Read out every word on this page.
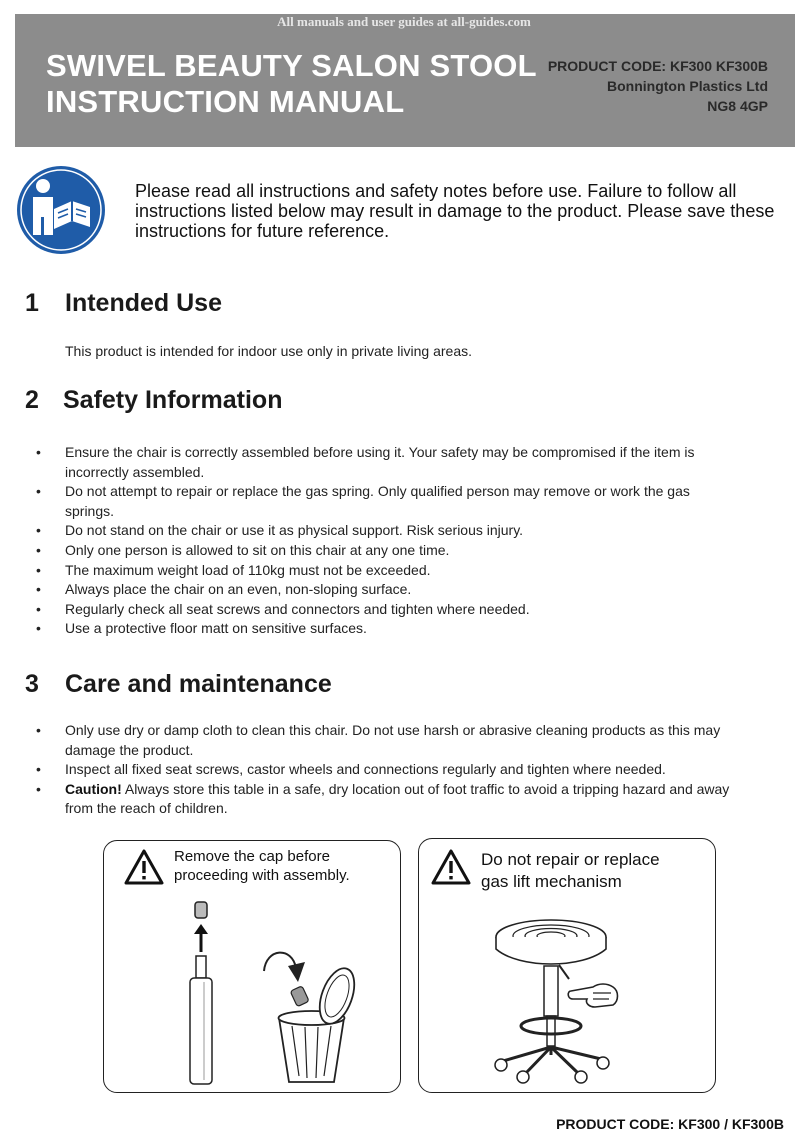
SWIVEL BEAUTY SALON STOOL
INSTRUCTION MANUAL
PRODUCT CODE: KF300 KF300B
Bonnington Plastics Ltd
NG8 4GP
All manuals and user guides at all-guides.com
Please read all instructions and safety notes before use. Failure to follow all instructions listed below may result in damage to the product. Please save these instructions for future reference.
1 Intended Use
This product is intended for indoor use only in private living areas.
2 Safety Information
• Ensure the chair is correctly assembled before using it. Your safety may be compromised if the item is incorrectly assembled.
• Do not attempt to repair or replace the gas spring. Only qualified person may remove or work the gas springs.
• Do not stand on the chair or use it as physical support. Risk serious injury.
• Only one person is allowed to sit on this chair at any one time.
• The maximum weight load of 110kg must not be exceeded.
• Always place the chair on an even, non-sloping surface.
• Regularly check all seat screws and connectors and tighten where needed.
• Use a protective floor matt on sensitive surfaces.
3 Care and maintenance
• Only use dry or damp cloth to clean this chair. Do not use harsh or abrasive cleaning products as this may damage the product.
• Inspect all fixed seat screws, castor wheels and connections regularly and tighten where needed.
• Caution! Always store this table in a safe, dry location out of foot traffic to avoid a tripping hazard and away from the reach of children.
Remove the cap before proceeding with assembly.
Do not repair or replace gas lift mechanism
PRODUCT CODE: KF300 / KF300B
